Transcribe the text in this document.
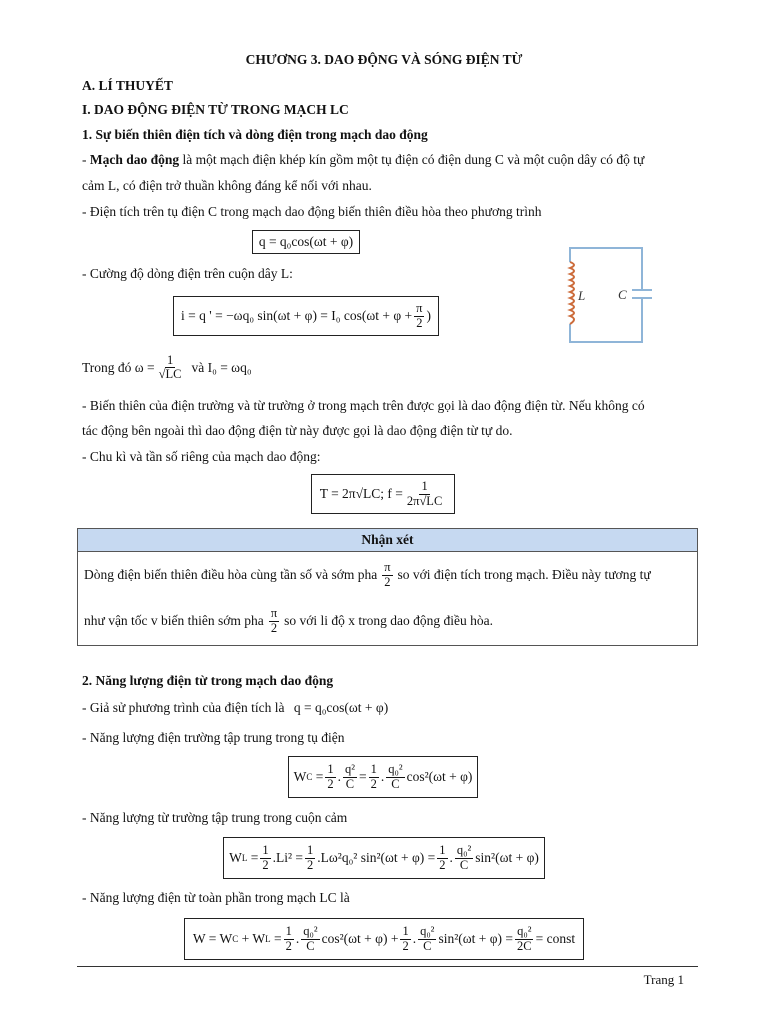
CHƯƠNG 3. DAO ĐỘNG VÀ SÓNG ĐIỆN TỪ
A. LÍ THUYẾT
I. DAO ĐỘNG ĐIỆN TỪ TRONG MẠCH LC
1. Sự biến thiên điện tích và dòng điện trong mạch dao động
- Mạch dao động là một mạch điện khép kín gồm một tụ điện có điện dung C và một cuộn dây có độ tự
cảm L, có điện trở thuần không đáng kể nối với nhau.
- Điện tích trên tụ điện C trong mạch dao động biến thiên điều hòa theo phương trình
q = q₀cos(ωt + φ)
- Cường độ dòng điện trên cuộn dây L:
i = q ' = −ωq₀ sin(ωt + φ) = I₀ $\cos(\omega t + \varphi + \frac{\pi}{2}$ )
L	C
Trong đó $\omega = \frac{1}{√LC}$ và I₀ = ωq₀
- Biến thiên của điện trường và từ trường ở trong mạch trên được gọi là dao động điện từ. Nếu không có
tác động bên ngoài thì dao động điện từ này được gọi là dao động điện từ tự do.
- Chu kì và tần số riêng của mạch dao động:
T = 2π√LC; $f = \frac{1}{2\pi√LC}$
Nhận xét
Dòng điện biến thiên điều hòa cùng tần số và sớm pha $\frac{\pi}{2}$ so với điện tích trong mạch. Điều này tương tự
như vận tốc v biến thiên sớm pha $\frac{\pi}{2}$ so với li độ x trong dao động điều hòa.
2. Năng lượng điện từ trong mạch dao động
- Giả sử phương trình của điện tích là q = q₀cos(ωt + φ)
- Năng lượng điện trường tập trung trong tụ điện
W $C = \frac{1}{2}$ . $\frac{\text{q²}}{C} = \frac{1}{2}$ . $\frac{\text{q₀²}}{C} \cos^2(\omega t + \varphi)$
- Năng lượng từ trường tập trung trong cuộn cảm
W $L = \frac{1}{2} .Li^2 = \frac{1}{2} .L\omega^2q_0^2$ $\sin^2(\omega t + \varphi) = \frac{1}{2}$ . $\frac{\text{q₀²}}{C} \sin^2(\omega t + \varphi)$
- Năng lượng điện từ toàn phần trong mạch LC là
W = W C
+ W $L = \frac{1}{2}$ . $\frac{\text{q₀²}}{C} \cos^2(\omega t + \varphi) + \frac{1}{2}$ . $\frac{\text{q₀²}}{C} \sin^2(\omega t + \varphi) = \frac{\text{q₀²}}{2C}$ = const
Trang 1
